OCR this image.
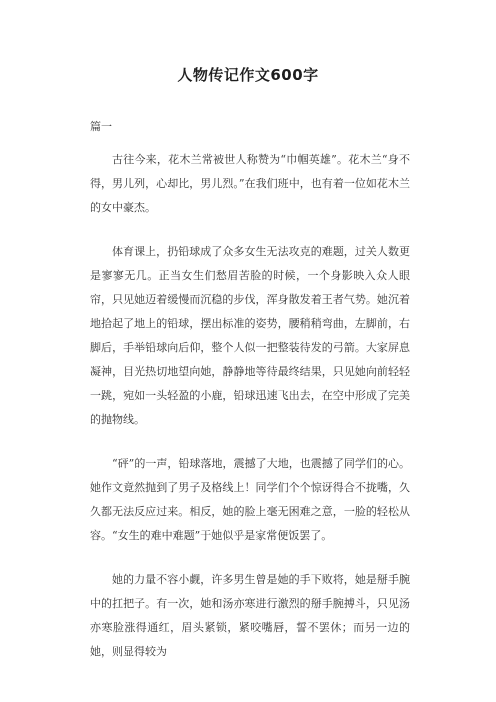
人物传记作文600字
篇一

古往今来，花木兰常被世人称赞为“巾帼英雄”。花木兰“身不得，男儿列，心却比，男儿烈。”在我们班中，也有着一位如花木兰的女中豪杰。

体育课上，扔铅球成了众多女生无法攻克的难题，过关人数更是寥寥无几。正当女生们愁眉苦脸的时候，一个身影映入众人眼帘，只见她迈着缓慢而沉稳的步伐，浑身散发着王者气势。她沉着地拾起了地上的铅球，摆出标准的姿势，腰稍稍弯曲，左脚前，右脚后，手举铅球向后仰，整个人似一把整装待发的弓箭。大家屏息凝神，目光热切地望向她，静静地等待最终结果，只见她向前轻轻一跳，宛如一头轻盈的小鹿，铅球迅速飞出去，在空中形成了完美的抛物线。

“砰”的一声，铅球落地，震撼了大地，也震撼了同学们的心。她作文竟然抛到了男子及格线上！同学们个个惊讶得合不拢嘴，久久都无法反应过来。相反，她的脸上毫无困难之意，一脸的轻松从容。“女生的难中难题”于她似乎是家常便饭罢了。

她的力量不容小觑，许多男生曾是她的手下败将，她是掰手腕中的扛把子。有一次，她和汤亦寒进行激烈的掰手腕搏斗，只见汤亦寒脸涨得通红，眉头紧锁，紧咬嘴唇，誓不罢休；而另一边的她，则显得较为
